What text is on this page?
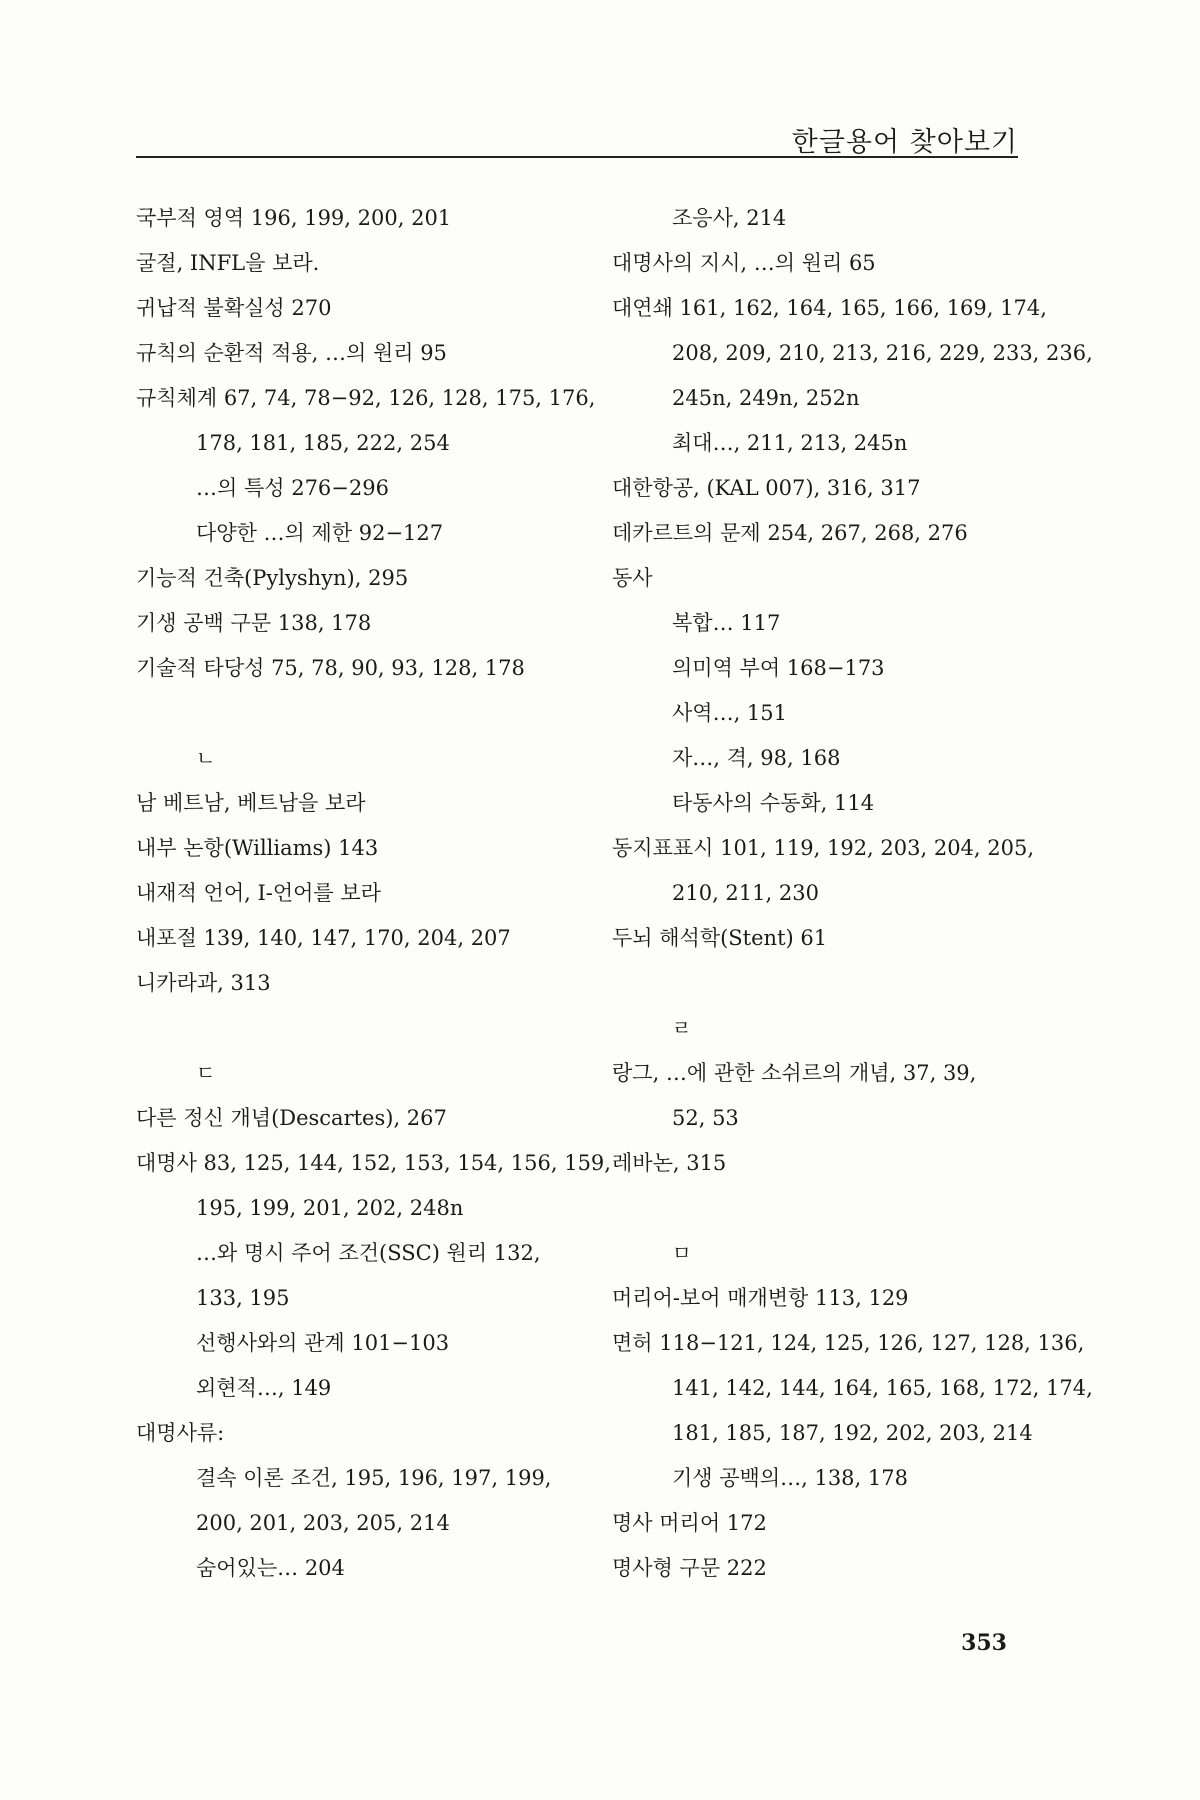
한글용어 찾아보기
국부적 영역 196, 199, 200, 201
굴절, INFL을 보라.
귀납적 불확실성 270
규칙의 순환적 적용, …의 원리 95
규칙체계 67, 74, 78−92, 126, 128, 175, 176,
178, 181, 185, 222, 254
…의 특성 276−296
다양한 …의 제한 92−127
기능적 건축(Pylyshyn), 295
기생 공백 구문 138, 178
기술적 타당성 75, 78, 90, 93, 128, 178
ㄴ
남 베트남, 베트남을 보라
내부 논항(Williams) 143
내재적 언어, I-언어를 보라
내포절 139, 140, 147, 170, 204, 207
니카라과, 313
ㄷ
다른 정신 개념(Descartes), 267
대명사 83, 125, 144, 152, 153, 154, 156, 159,
195, 199, 201, 202, 248n
…와 명시 주어 조건(SSC) 원리 132,
133, 195
선행사와의 관계 101−103
외현적…, 149
대명사류:
결속 이론 조건, 195, 196, 197, 199,
200, 201, 203, 205, 214
숨어있는… 204
조응사, 214
대명사의 지시, …의 원리 65
대연쇄 161, 162, 164, 165, 166, 169, 174,
208, 209, 210, 213, 216, 229, 233, 236,
245n, 249n, 252n
최대…, 211, 213, 245n
대한항공, (KAL 007), 316, 317
데카르트의 문제 254, 267, 268, 276
동사
복합… 117
의미역 부여 168−173
사역…, 151
자…, 격, 98, 168
타동사의 수동화, 114
동지표표시 101, 119, 192, 203, 204, 205,
210, 211, 230
두뇌 해석학(Stent) 61
ㄹ
랑그, …에 관한 소쉬르의 개념, 37, 39,
52, 53
레바논, 315
ㅁ
머리어-보어 매개변항 113, 129
면허 118−121, 124, 125, 126, 127, 128, 136,
141, 142, 144, 164, 165, 168, 172, 174,
181, 185, 187, 192, 202, 203, 214
기생 공백의…, 138, 178
명사 머리어 172
명사형 구문 222
353
